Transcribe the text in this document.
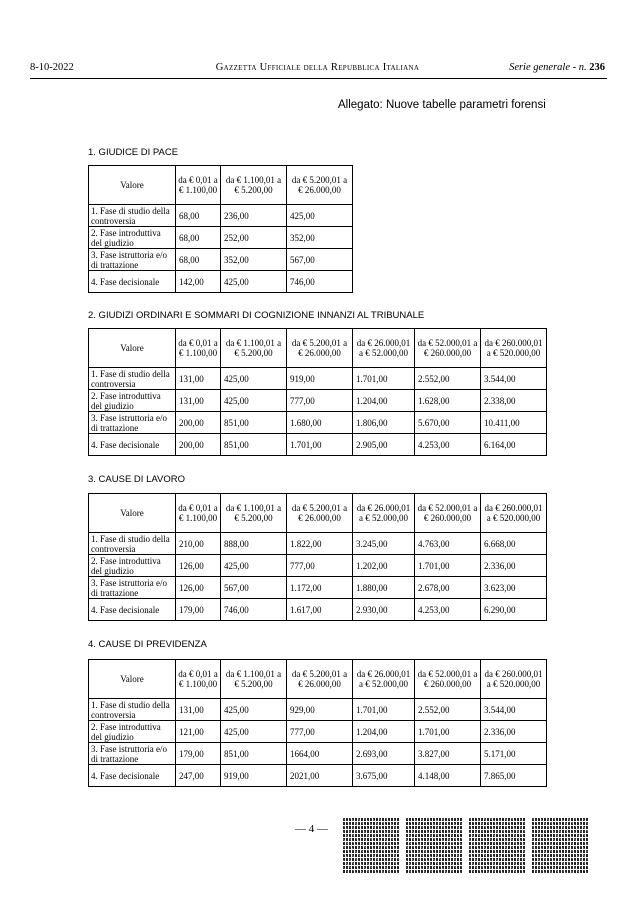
8-10-2022	Gazzetta Ufficiale della Repubblica Italiana	Serie generale - n. 236
Allegato: Nuove tabelle parametri forensi
1. GIUDICE DI PACE
Valore	da € 0,01 a € 1.100,00	da € 1.100,01 a € 5.200,00	da € 5.200,01 a € 26.000,00
1. Fase di studio della controversia	68,00	236,00	425,00
2. Fase introduttiva del giudizio	68,00	252,00	352,00
3. Fase istruttoria e/o di trattazione	68,00	352,00	567,00
4. Fase decisionale	142,00	425,00	746,00
2. GIUDIZI ORDINARI E SOMMARI DI COGNIZIONE INNANZI AL TRIBUNALE
Valore	da € 0,01 a € 1.100,00	da € 1.100,01 a € 5.200,00	da € 5.200,01 a € 26.000,00	da € 26.000,01 a € 52.000,00	da € 52.000,01 a € 260.000,00	da € 260.000,01 a € 520.000,00
1. Fase di studio della controversia	131,00	425,00	919,00	1.701,00	2.552,00	3.544,00
2. Fase introduttiva del giudizio	131,00	425,00	777,00	1.204,00	1.628,00	2.338,00
3. Fase istruttoria e/o di trattazione	200,00	851,00	1.680,00	1.806,00	5.670,00	10.411,00
4. Fase decisionale	200,00	851,00	1.701,00	2.905,00	4.253,00	6.164,00
3. CAUSE DI LAVORO
Valore	da € 0,01 a € 1.100,00	da € 1.100,01 a € 5.200,00	da € 5.200,01 a € 26.000,00	da € 26.000,01 a € 52.000,00	da € 52.000,01 a € 260.000,00	da € 260.000,01 a € 520.000,00
1. Fase di studio della controversia	210,00	888,00	1.822,00	3.245,00	4.763,00	6.668,00
2. Fase introduttiva del giudizio	126,00	425,00	777,00	1.202,00	1.701,00	2.336,00
3. Fase istruttoria e/o di trattazione	126,00	567,00	1.172,00	1.880,00	2.678,00	3.623,00
4. Fase decisionale	179,00	746,00	1.617,00	2.930,00	4.253,00	6.290,00
4. CAUSE DI PREVIDENZA
Valore	da € 0,01 a € 1.100,00	da € 1.100,01 a € 5.200,00	da € 5.200,01 a € 26.000,00	da € 26.000,01 a € 52.000,00	da € 52.000,01 a € 260.000,00	da € 260.000,01 a € 520.000,00
1. Fase di studio della controversia	131,00	425,00	929,00	1.701,00	2.552,00	3.544,00
2. Fase introduttiva del giudizio	121,00	425,00	777,00	1.204,00	1.701,00	2.336,00
3. Fase istruttoria e/o di trattazione	179,00	851,00	1664,00	2.693,00	3.827,00	5.171,00
4. Fase decisionale	247,00	919,00	2021,00	3.675,00	4.148,00	7.865,00
— 4 —
